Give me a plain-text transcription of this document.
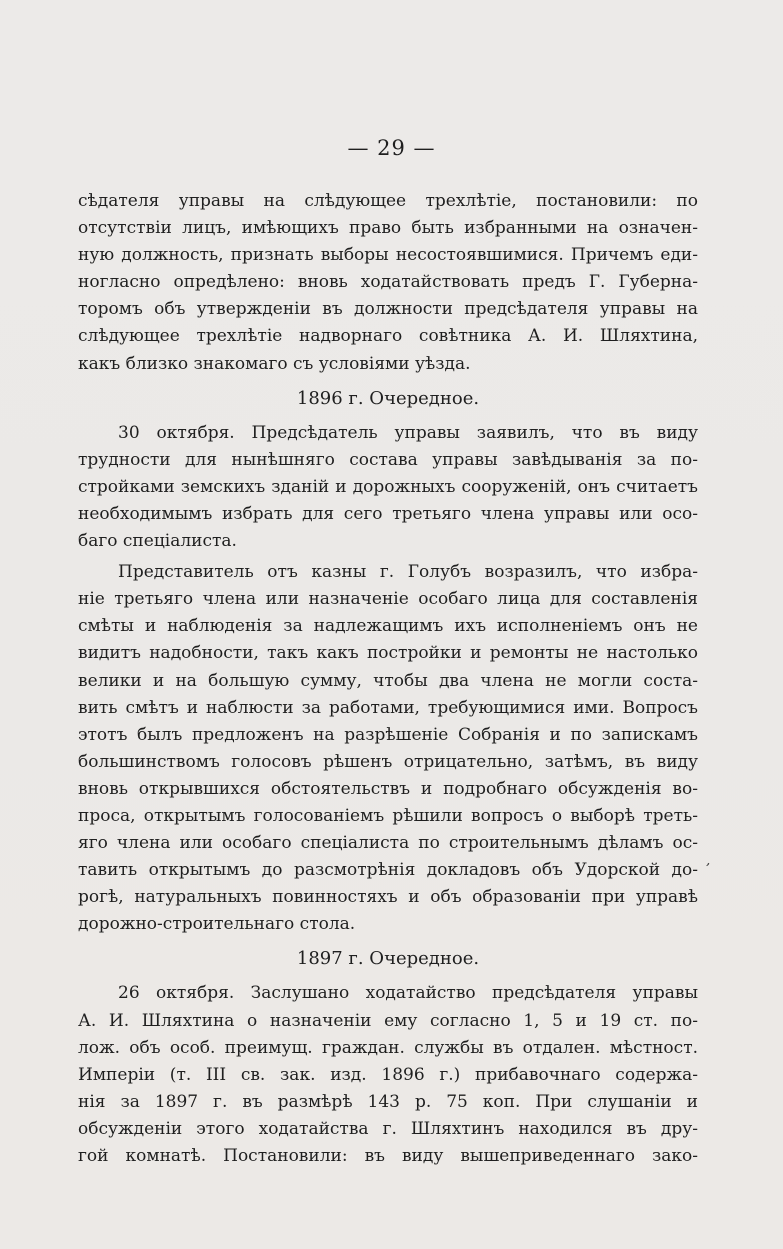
— 29 —
сѣдателя управы на слѣдующее трехлѣтіе, постановили: по
отсутствіи лицъ, имѣющихъ право быть избранными на означен-
ную должность, признать выборы несостоявшимися. Причемъ еди-
ногласно опредѣлено: вновь ходатайствовать предъ Г. Губерна-
торомъ объ утвержденіи въ должности предсѣдателя управы на
слѣдующее трехлѣтіе надворнаго совѣтника А. И. Шляхтина,
какъ близко знакомаго съ условіями уѣзда.
1896 г. Очередное.
30 октября. Предсѣдатель управы заявилъ, что въ виду
трудности для нынѣшняго состава управы завѣдыванія за по-
стройками земскихъ зданій и дорожныхъ сооруженій, онъ считаетъ
необходимымъ избрать для сего третьяго члена управы или осо-
баго спеціалиста.
Представитель отъ казны г. Голубъ возразилъ, что избра-
ніе третьяго члена или назначеніе особаго лица для составленія
смѣты и наблюденія за надлежащимъ ихъ исполненіемъ онъ не
видитъ надобности, такъ какъ постройки и ремонты не настолько
велики и на большую сумму, чтобы два члена не могли соста-
вить смѣтъ и наблюсти за работами, требующимися ими. Вопросъ
этотъ былъ предложенъ на разрѣшеніе Собранія и по запискамъ
большинствомъ голосовъ рѣшенъ отрицательно, затѣмъ, въ виду
вновь открывшихся обстоятельствъ и подробнаго обсужденія во-
проса, открытымъ голосованіемъ рѣшили вопросъ о выборѣ треть-
яго члена или особаго спеціалиста по строительнымъ дѣламъ ос-
тавить открытымъ до разсмотрѣнія докладовъ объ Удорской до-
рогѣ, натуральныхъ повинностяхъ и объ образованіи при управѣ
дорожно-строительнаго стола.
1897 г. Очередное.
26 октября. Заслушано ходатайство предсѣдателя управы
А. И. Шляхтина о назначеніи ему согласно 1, 5 и 19 ст. по-
лож. объ особ. преимущ. граждан. службы въ отдален. мѣстност.
Имперіи (т. III св. зак. изд. 1896 г.) прибавочнаго содержа-
нія за 1897 г. въ размѣрѣ 143 р. 75 коп. При слушаніи и
обсужденіи этого ходатайства г. Шляхтинъ находился въ дру-
гой комнатѣ. Постановили: въ виду вышеприведеннаго зако-
ʼ
